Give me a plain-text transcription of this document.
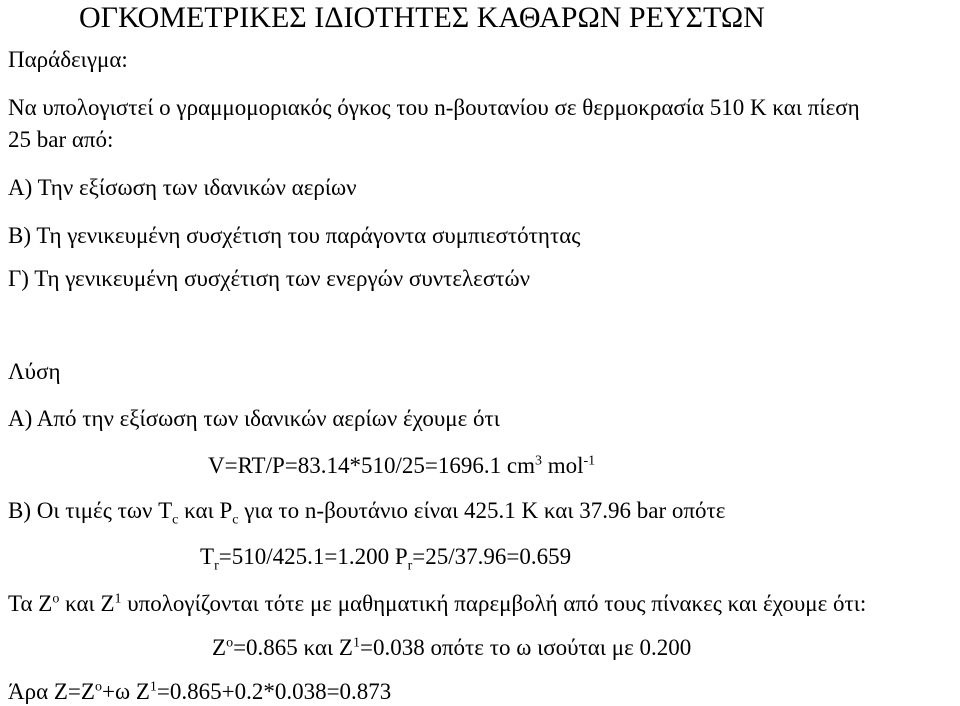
ΟΓΚΟΜΕΤΡΙΚΕΣ ΙΔΙΟΤΗΤΕΣ ΚΑΘΑΡΩΝ ΡΕΥΣΤΩΝ
Παράδειγμα:
Να υπολογιστεί ο γραμμομοριακός όγκος του n-βουτανίου σε θερμοκρασία 510 K και πίεση
25 bar από:
Α) Την εξίσωση των ιδανικών αερίων
Β) Τη γενικευμένη συσχέτιση του παράγοντα συμπιεστότητας
Γ) Τη γενικευμένη συσχέτιση των ενεργών συντελεστών
Λύση
Α) Από την εξίσωση των ιδανικών αερίων έχουμε ότι
V=RT/P=83.14*510/25=1696.1 $cm^3$ mol$^{-1}$
Β) Οι τιμές των $T_c$ και $P_c$ για το n-βουτάνιο είναι 425.1 K και 37.96 bar οπότε
$T_r=510/425.1=1.200$ $P_r=25/37.96=0.659$
Τα $Z^o$ και $Z^1$ υπολογίζονται τότε με μαθηματική παρεμβολή από τους πίνακες και έχουμε ότι:
$Z^o=0.865$ και $Z^1=0.038$ οπότε το ω ισούται με 0.200
Άρα $Z=Z^o+\omega$ $Z^1=0.865+0.2*0.038=0.873$
